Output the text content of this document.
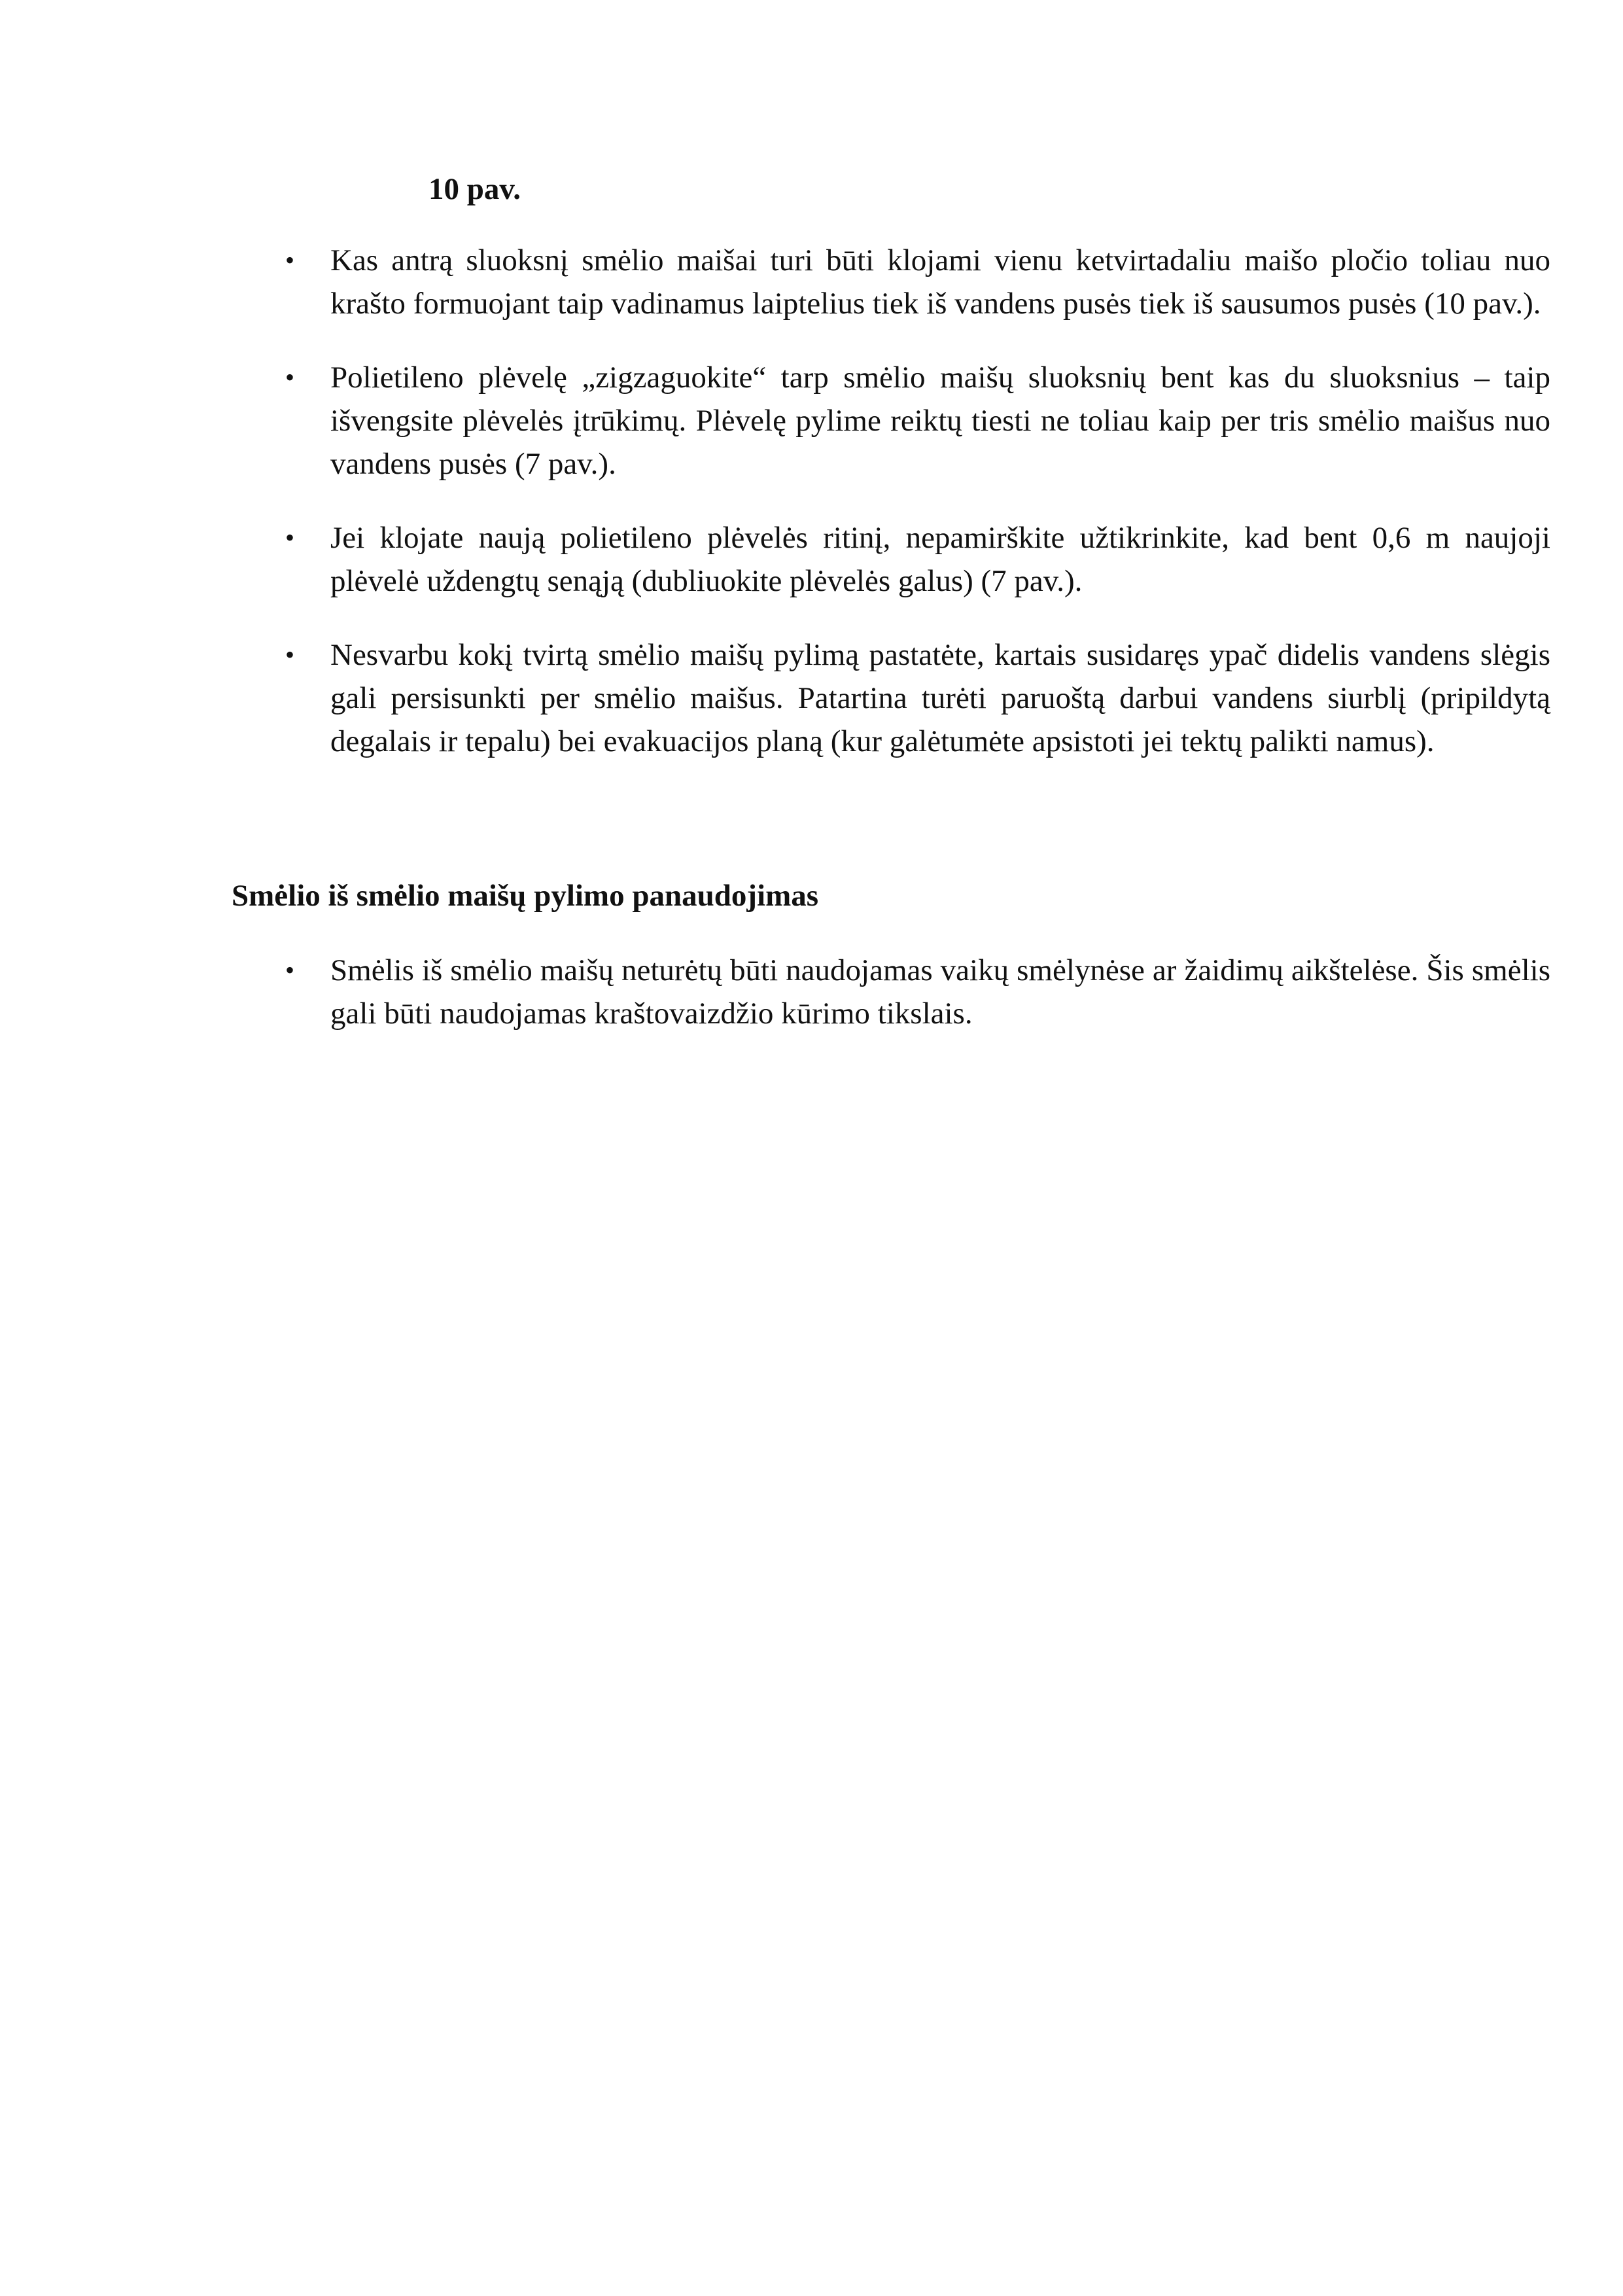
10 pav.

• Kas antrą sluoksnį smėlio maišai turi būti klojami vienu ketvirtadaliu maišo pločio toliau nuo krašto formuojant taip vadinamus laiptelius tiek iš vandens pusės tiek iš sausumos pusės (10 pav.).
• Polietileno plėvelę „zigzaguokite“ tarp smėlio maišų sluoksnių bent kas du sluoksnius – taip išvengsite plėvelės įtrūkimų. Plėvelę pylime reiktų tiesti ne toliau kaip per tris smėlio maišus nuo vandens pusės (7 pav.).
• Jei klojate naują polietileno plėvelės ritinį, nepamirškite užtikrinkite, kad bent 0,6 m naujoji plėvelė uždengtų senąją (dubliuokite plėvelės galus) (7 pav.).
• Nesvarbu kokį tvirtą smėlio maišų pylimą pastatėte, kartais susidaręs ypač didelis vandens slėgis gali persisunkti per smėlio maišus. Patartina turėti paruoštą darbui vandens siurblį (pripildytą degalais ir tepalu) bei evakuacijos planą (kur galėtumėte apsistoti jei tektų palikti namus).
Smėlio iš smėlio maišų pylimo panaudojimas
• Smėlis iš smėlio maišų neturėtų būti naudojamas vaikų smėlynėse ar žaidimų aikštelėse. Šis smėlis gali būti naudojamas kraštovaizdžio kūrimo tikslais.
